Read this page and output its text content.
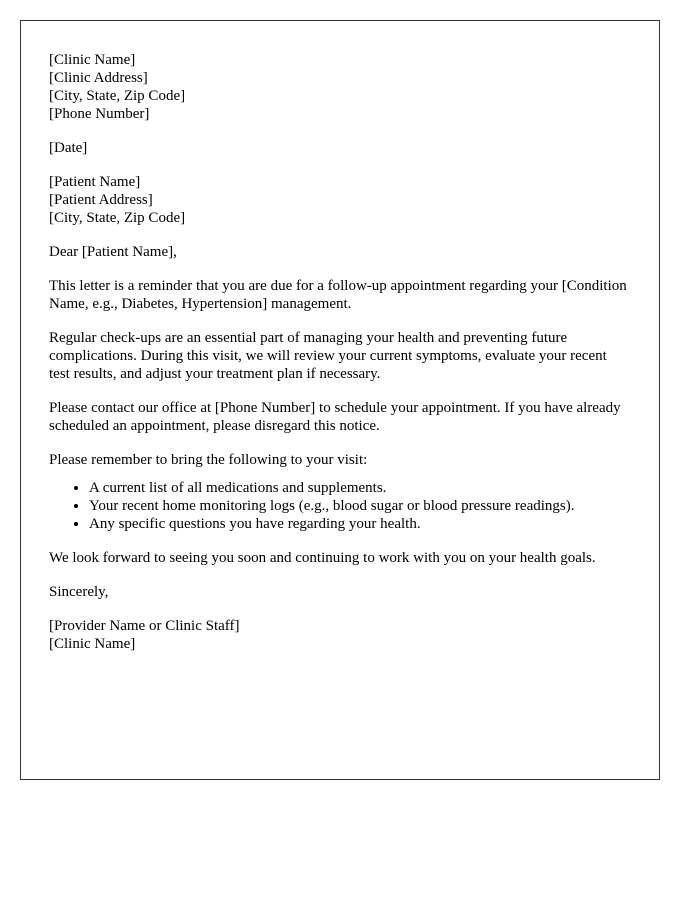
[Clinic Name]
[Clinic Address]
[City, State, Zip Code]
[Phone Number]
[Date]
[Patient Name]
[Patient Address]
[City, State, Zip Code]

Dear [Patient Name],

This letter is a reminder that you are due for a follow-up appointment regarding your [Condition Name, e.g., Diabetes, Hypertension] management.

Regular check-ups are an essential part of managing your health and preventing future complications. During this visit, we will review your current symptoms, evaluate your recent test results, and adjust your treatment plan if necessary.

Please contact our office at [Phone Number] to schedule your appointment. If you have already scheduled an appointment, please disregard this notice.

Please remember to bring the following to your visit:

• A current list of all medications and supplements.
• Your recent home monitoring logs (e.g., blood sugar or blood pressure readings).
• Any specific questions you have regarding your health.

We look forward to seeing you soon and continuing to work with you on your health goals.

Sincerely,

[Provider Name or Clinic Staff]
[Clinic Name]
